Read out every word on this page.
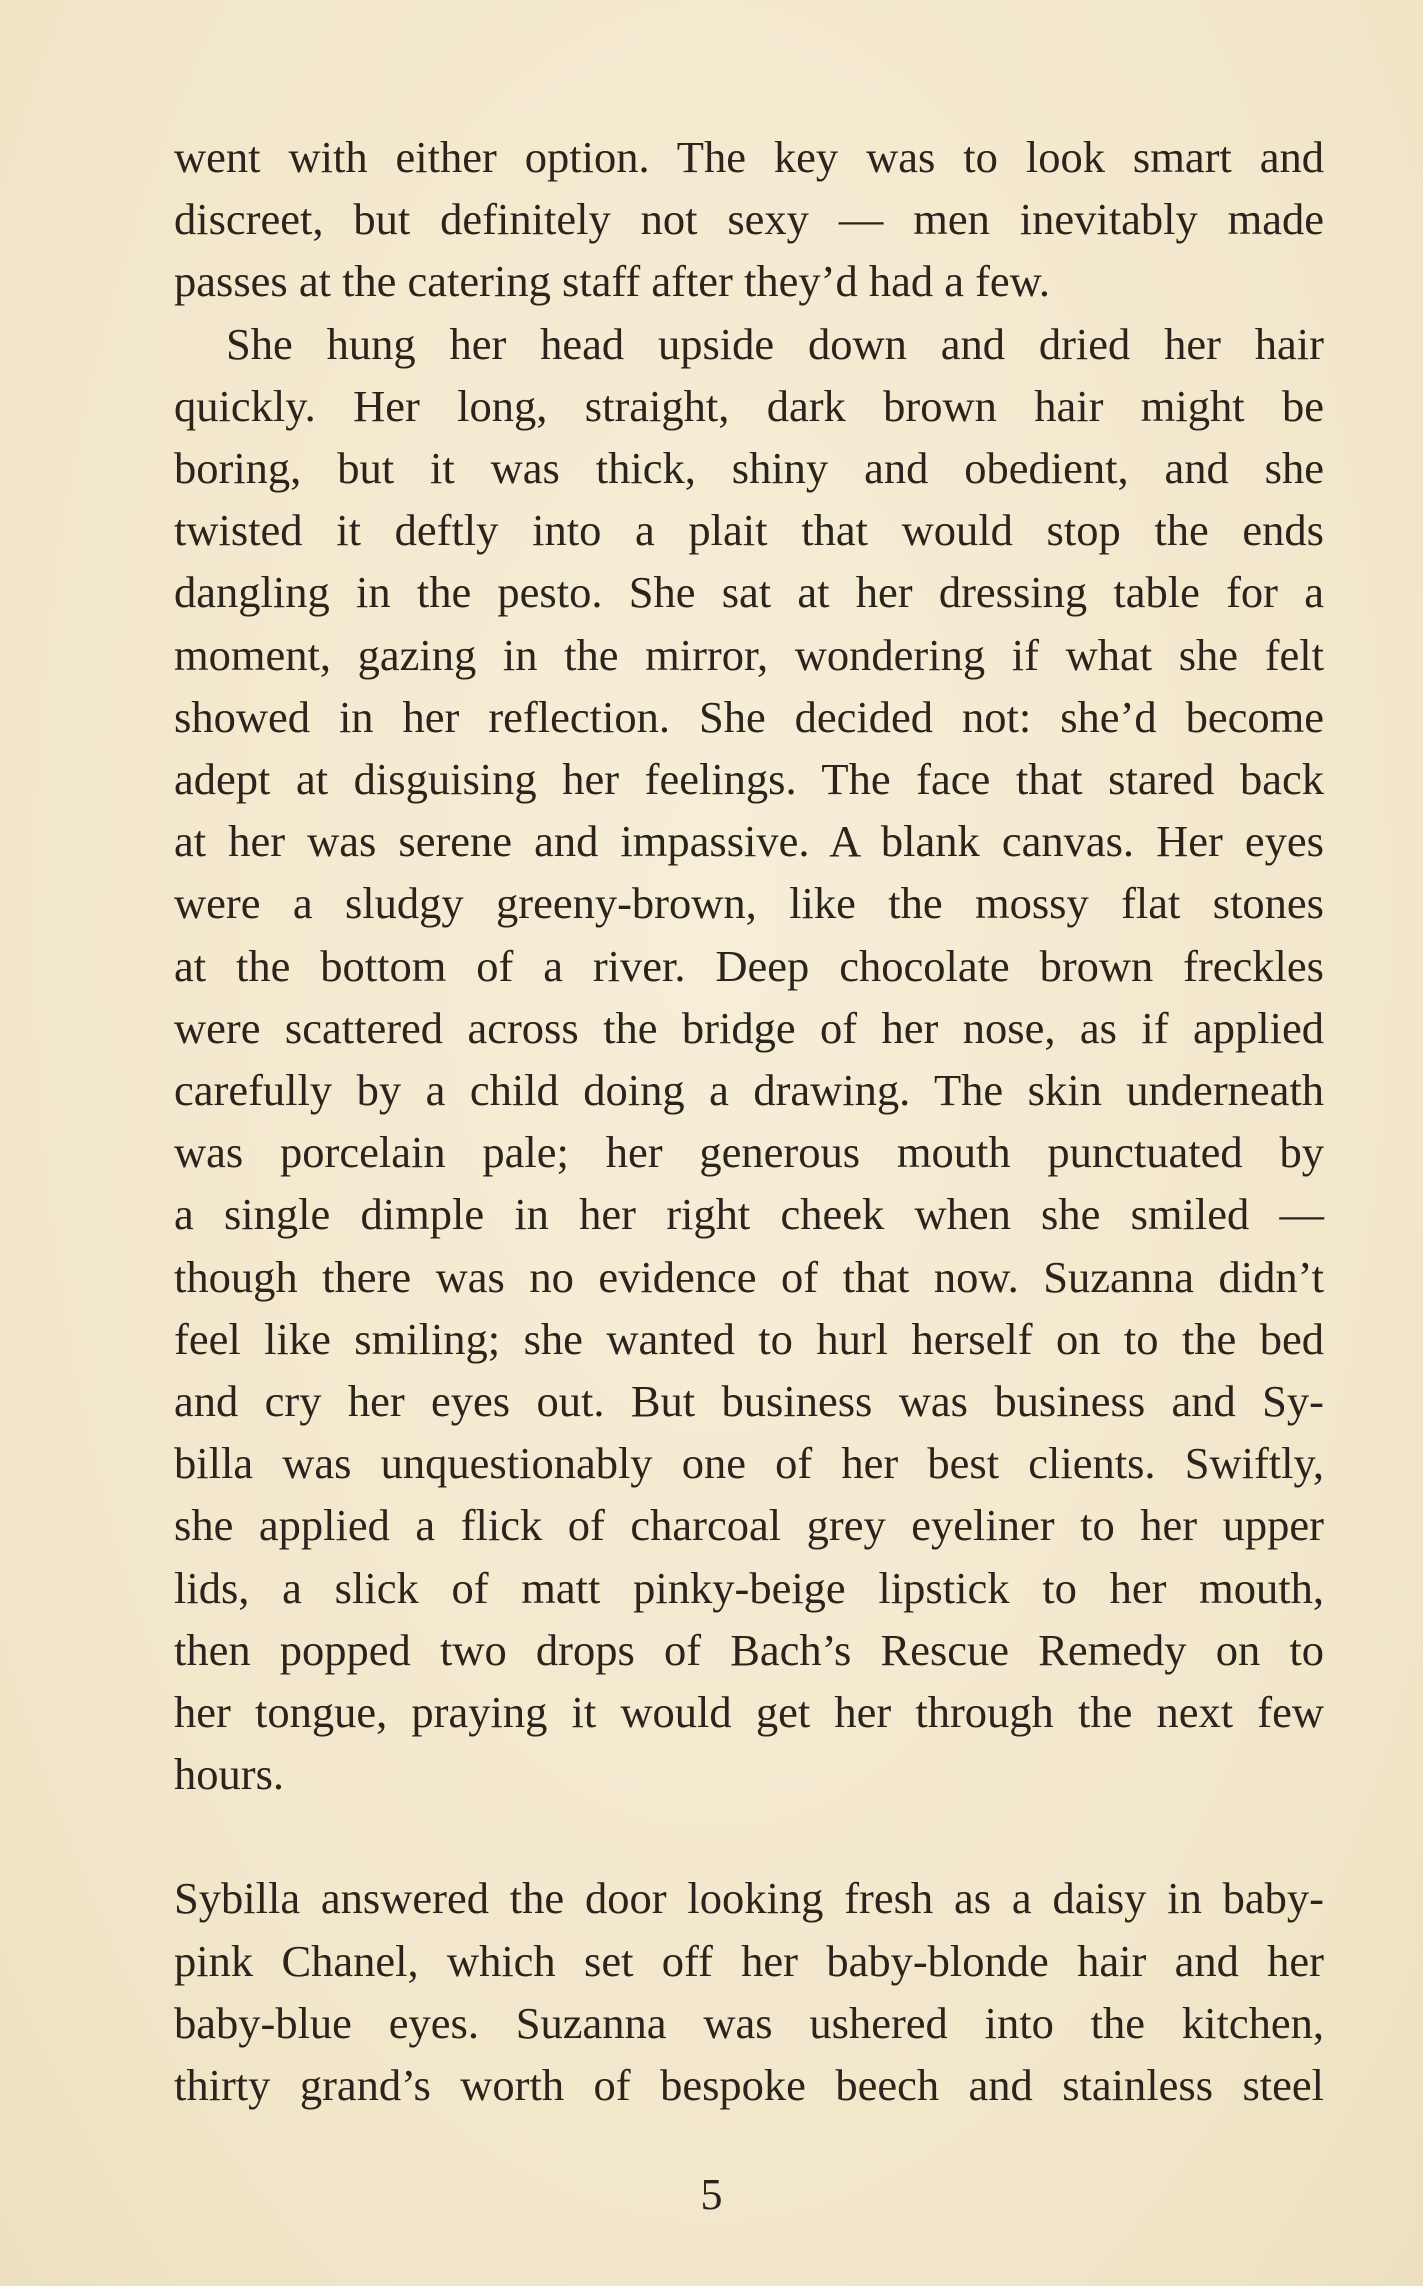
went with either option. The key was to look smart and
discreet, but definitely not sexy — men inevitably made
passes at the catering staff after they’d had a few.
She hung her head upside down and dried her hair
quickly. Her long, straight, dark brown hair might be
boring, but it was thick, shiny and obedient, and she
twisted it deftly into a plait that would stop the ends
dangling in the pesto. She sat at her dressing table for a
moment, gazing in the mirror, wondering if what she felt
showed in her reflection. She decided not: she’d become
adept at disguising her feelings. The face that stared back
at her was serene and impassive. A blank canvas. Her eyes
were a sludgy greeny-brown, like the mossy flat stones
at the bottom of a river. Deep chocolate brown freckles
were scattered across the bridge of her nose, as if applied
carefully by a child doing a drawing. The skin underneath
was porcelain pale; her generous mouth punctuated by
a single dimple in her right cheek when she smiled —
though there was no evidence of that now. Suzanna didn’t
feel like smiling; she wanted to hurl herself on to the bed
and cry her eyes out. But business was business and Sy-
billa was unquestionably one of her best clients. Swiftly,
she applied a flick of charcoal grey eyeliner to her upper
lids, a slick of matt pinky-beige lipstick to her mouth,
then popped two drops of Bach’s Rescue Remedy on to
her tongue, praying it would get her through the next few
hours.
Sybilla answered the door looking fresh as a daisy in baby-
pink Chanel, which set off her baby-blonde hair and her
baby-blue eyes. Suzanna was ushered into the kitchen,
thirty grand’s worth of bespoke beech and stainless steel
5
